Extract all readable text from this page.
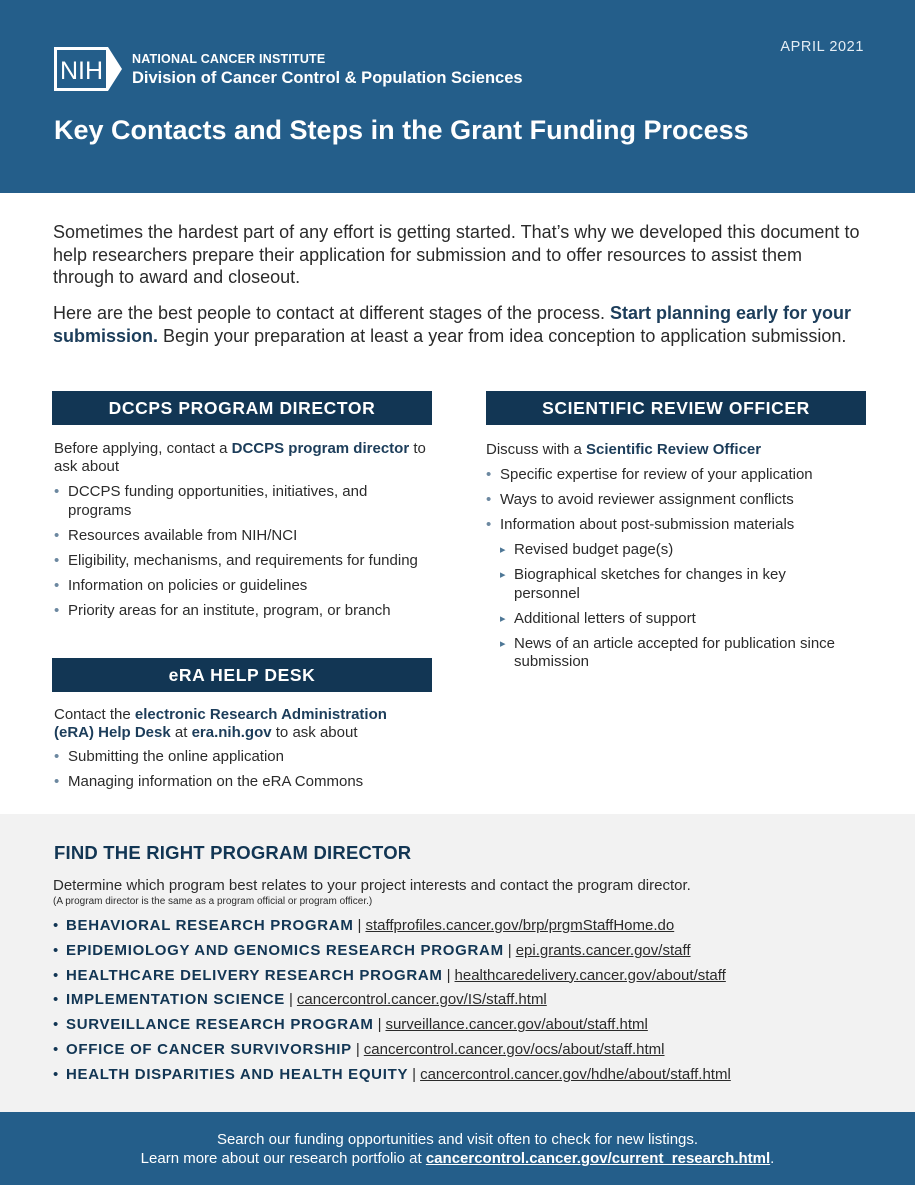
NIH NATIONAL CANCER INSTITUTE
Division of Cancer Control & Population Sciences
APRIL 2021
Key Contacts and Steps in the Grant Funding Process

Sometimes the hardest part of any effort is getting started. That’s why we developed this document to help researchers prepare their application for submission and to offer resources to assist them through to award and closeout.

Here are the best people to contact at different stages of the process. Start planning early for your submission. Begin your preparation at least a year from idea conception to application submission.

DCCPS PROGRAM DIRECTOR

Before applying, contact a DCCPS program director to ask about

• DCCPS funding opportunities, initiatives, and programs
• Resources available from NIH/NCI
• Eligibility, mechanisms, and requirements for funding
• Information on policies or guidelines
• Priority areas for an institute, program, or branch
eRA HELP DESK

Contact the electronic Research Administration (eRA) Help Desk at era.nih.gov to ask about

• Submitting the online application
• Managing information on the eRA Commons
SCIENTIFIC REVIEW OFFICER

Discuss with a Scientific Review Officer

• Specific expertise for review of your application
• Ways to avoid reviewer assignment conflicts
• Information about post-submission materials
▸ Revised budget page(s)
▸ Biographical sketches for changes in key personnel
▸ Additional letters of support
▸ News of an article accepted for publication since submission
FIND THE RIGHT PROGRAM DIRECTOR

Determine which program best relates to your project interests and contact the program director.

(A program director is the same as a program official or program officer.)

• BEHAVIORAL RESEARCH PROGRAM | staffprofiles.cancer.gov/brp/prgmStaffHome.do
• EPIDEMIOLOGY AND GENOMICS RESEARCH PROGRAM | epi.grants.cancer.gov/staff
• HEALTHCARE DELIVERY RESEARCH PROGRAM | healthcaredelivery.cancer.gov/about/staff
• IMPLEMENTATION SCIENCE | cancercontrol.cancer.gov/IS/staff.html
• SURVEILLANCE RESEARCH PROGRAM | surveillance.cancer.gov/about/staff.html
• OFFICE OF CANCER SURVIVORSHIP | cancercontrol.cancer.gov/ocs/about/staff.html
• HEALTH DISPARITIES AND HEALTH EQUITY | cancercontrol.cancer.gov/hdhe/about/staff.html
Search our funding opportunities and visit often to check for new listings.
Learn more about our research portfolio at cancercontrol.cancer.gov/current_research.html.
